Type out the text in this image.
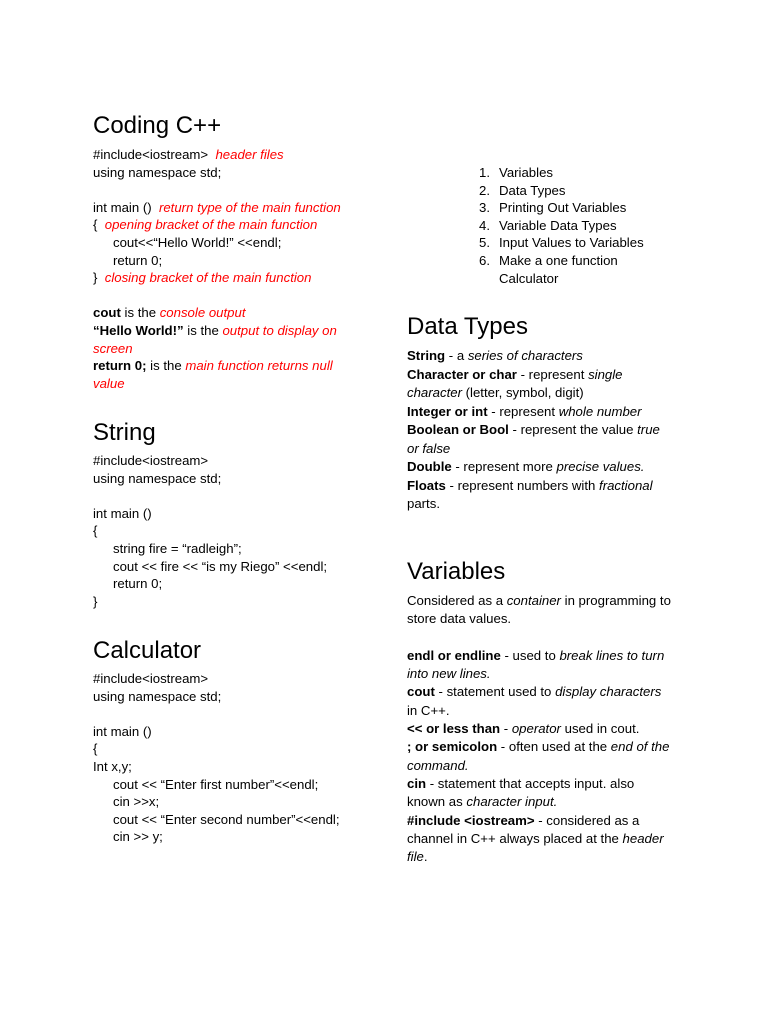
Coding C++
#include<iostream> header files
using namespace std;

int main () return type of the main function
{ opening bracket of the main function
cout<<“Hello World!” <<endl;
return 0;
} closing bracket of the main function

cout is the console output
“Hello World!” is the output to display on screen
return 0; is the main function returns null value
String
#include<iostream>
using namespace std;

int main ()
{
string fire = “radleigh”;
cout << fire << “is my Riego” <<endl;
return 0;
}
Calculator
#include<iostream>
using namespace std;

int main ()
{
Int x,y;
cout << “Enter first number”<<endl;
cin >>x;
cout << “Enter second number”<<endl;
cin >> y;
1. Variables
2. Data Types
3. Printing Out Variables
4. Variable Data Types
5. Input Values to Variables
6. Make a one function Calculator
Data Types
String - a series of characters
Character or char - represent single character (letter, symbol, digit)
Integer or int - represent whole number
Boolean or Bool - represent the value true or false
Double - represent more precise values.
Floats - represent numbers with fractional parts.
Variables
Considered as a container in programming to store data values.

endl or endline - used to break lines to turn into new lines.
cout - statement used to display characters in C++.
<< or less than - operator used in cout.
; or semicolon - often used at the end of the command.
cin - statement that accepts input. also known as character input.
#include <iostream> - considered as a channel in C++ always placed at the header file.
